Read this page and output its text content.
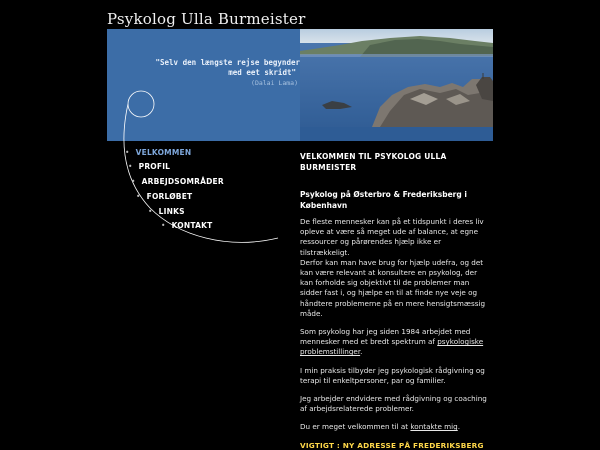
Psykolog Ulla Burmeister
"Selv den længste rejse begynder
med eet skridt"
(Dalai Lama)
• VELKOMMEN
• PROFIL
• ARBEJDSOMRÅDER
• FORLØBET
• LINKS
• KONTAKT
VELKOMMEN TIL PSYKOLOG ULLA BURMEISTER
Psykolog på Østerbro & Frederiksberg i København

De fleste mennesker kan på et tidspunkt i deres liv opleve at være så meget ude af balance, at egne ressourcer og pårørendes hjælp ikke er tilstrækkeligt.
Derfor kan man have brug for hjælp udefra, og det kan være relevant at konsultere en psykolog, der kan forholde sig objektivt til de problemer man sidder fast i, og hjælpe en til at finde nye veje og håndtere problemerne på en mere hensigtsmæssig måde.

Som psykolog har jeg siden 1984 arbejdet med mennesker med et bredt spektrum af psykologiske problemstillinger.

I min praksis tilbyder jeg psykologisk rådgivning og terapi til enkeltpersoner, par og familier.

Jeg arbejder endvidere med rådgivning og coaching af arbejdsrelaterede problemer.

Du er meget velkommen til at kontakte mig.

VIGTIGT : NY ADRESSE PÅ FREDERIKSBERG
